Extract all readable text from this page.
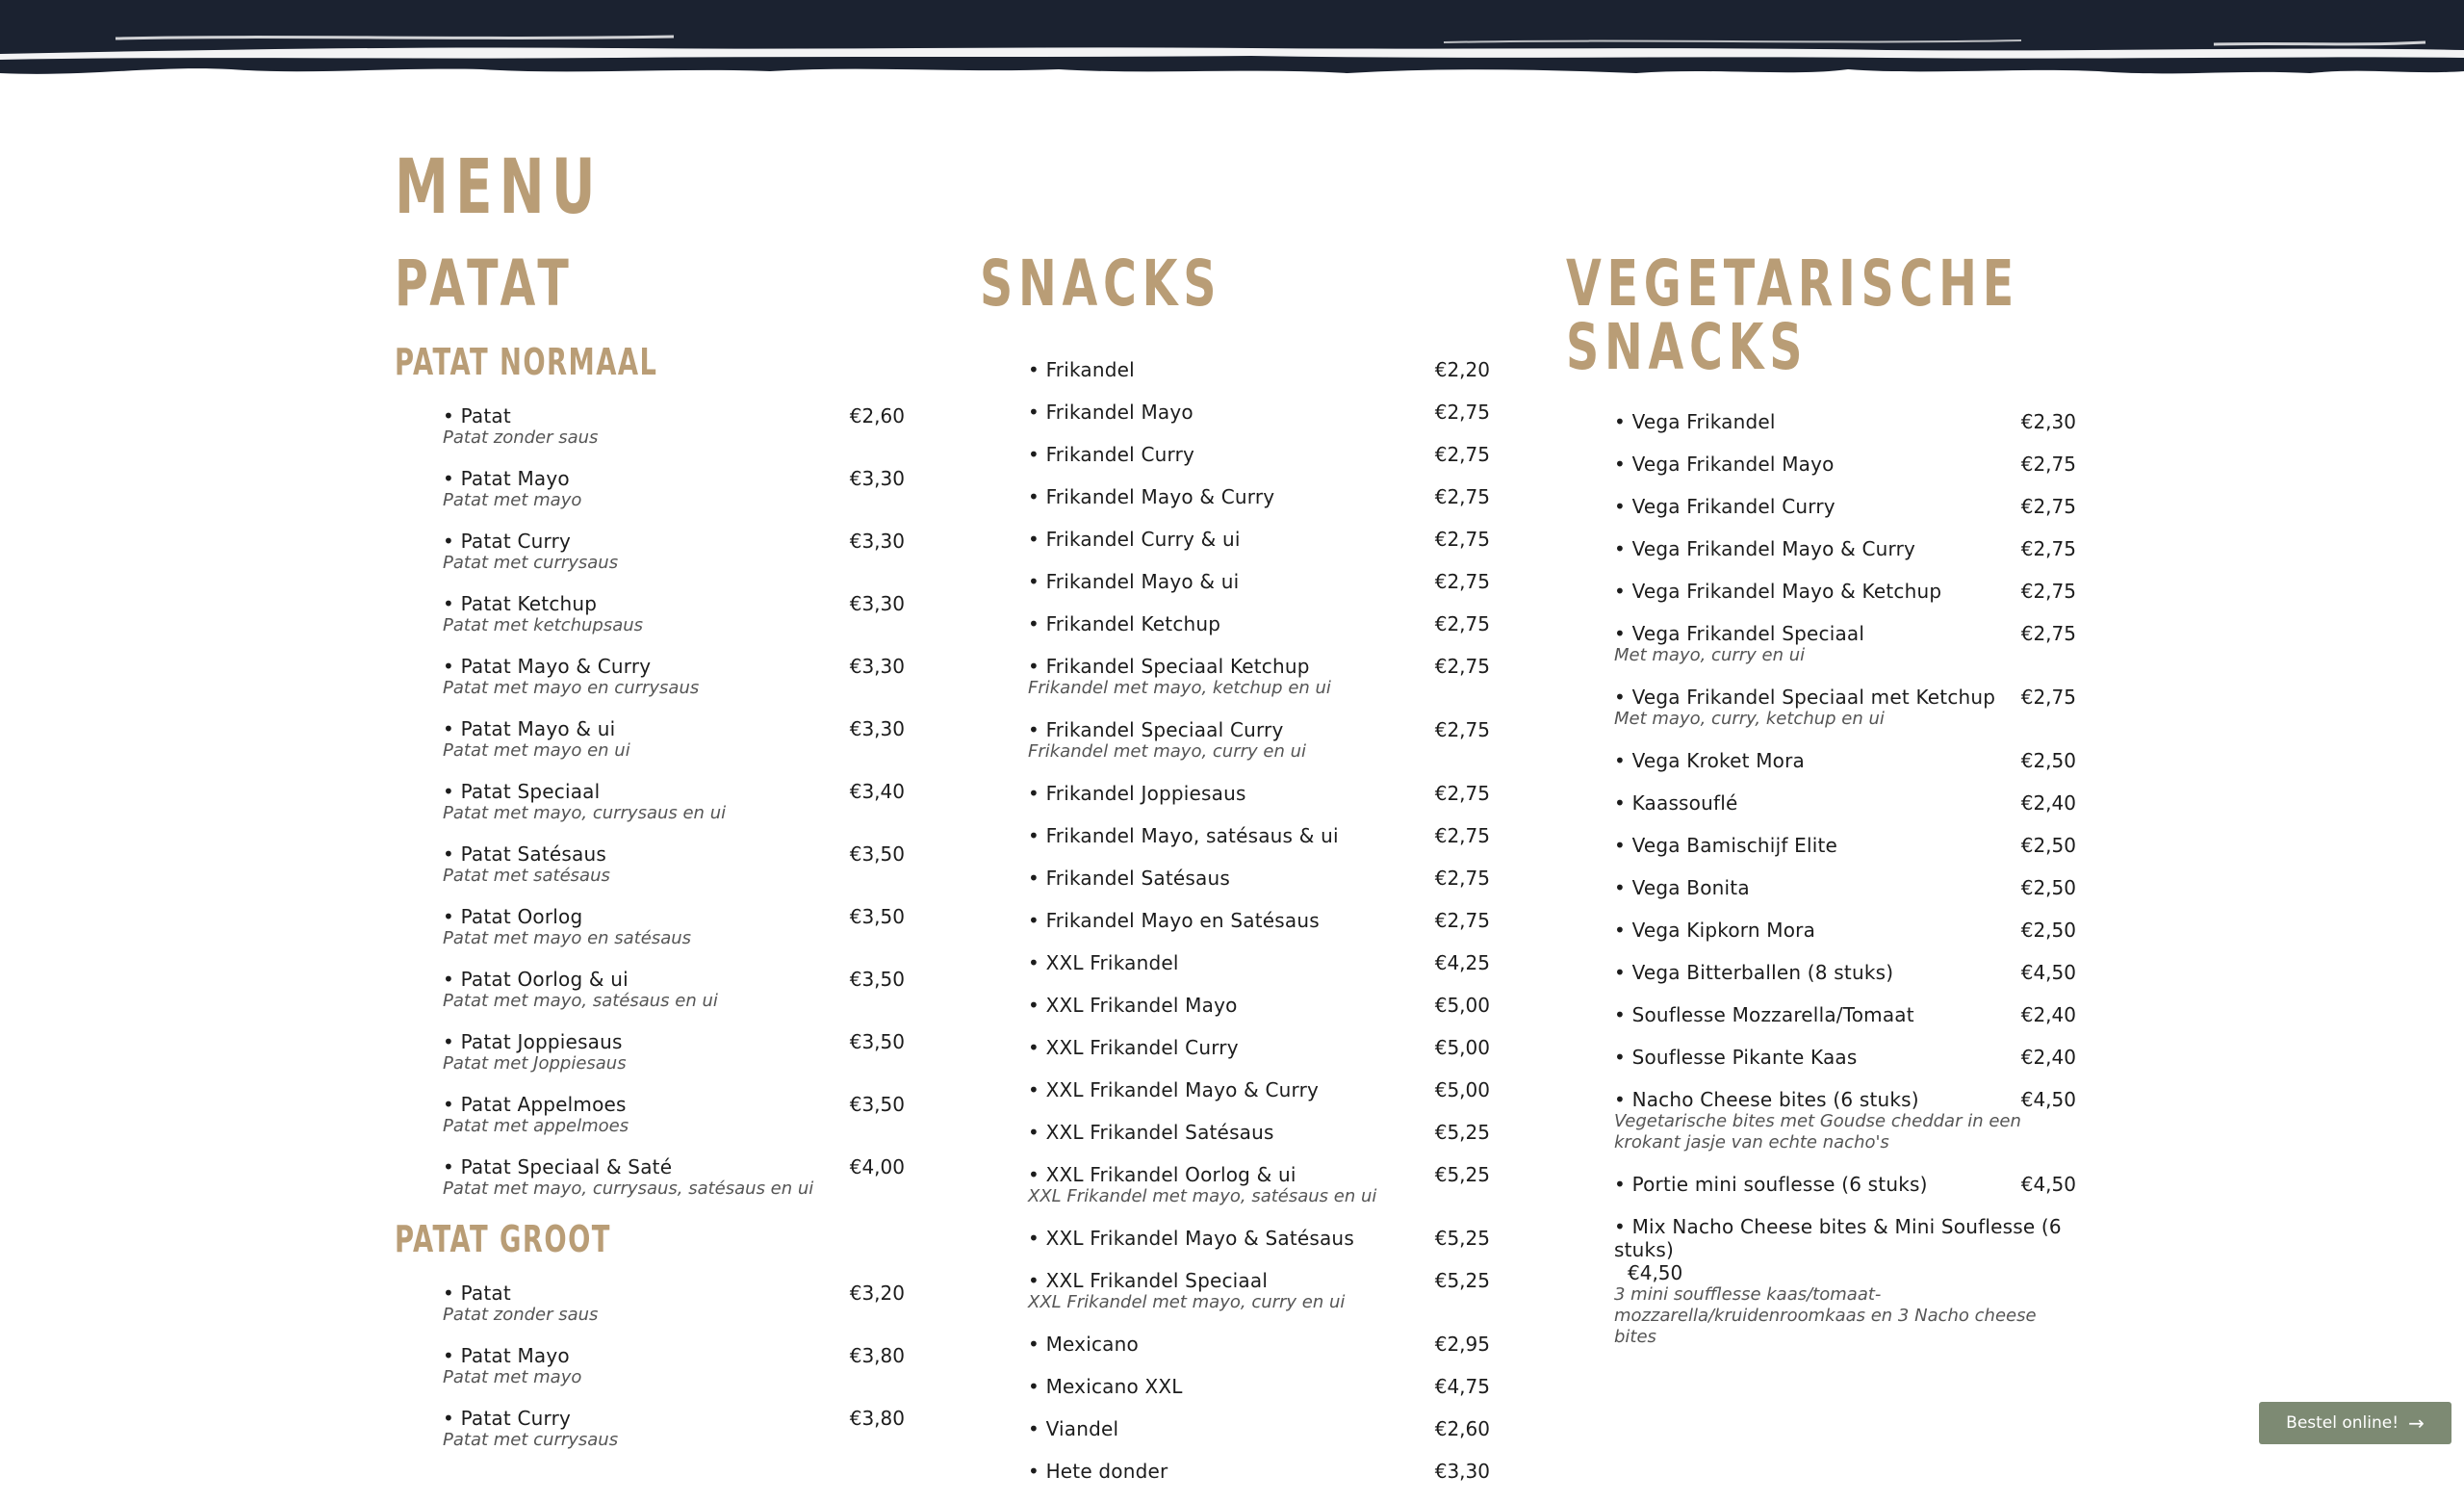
MENU
PATAT
PATAT NORMAAL
• Patat	€2,60
Patat zonder saus
• Patat Mayo	€3,30
Patat met mayo
• Patat Curry	€3,30
Patat met currysaus
• Patat Ketchup	€3,30
Patat met ketchupsaus
• Patat Mayo & Curry	€3,30
Patat met mayo en currysaus
• Patat Mayo & ui	€3,30
Patat met mayo en ui
• Patat Speciaal	€3,40
Patat met mayo, currysaus en ui
• Patat Satésaus	€3,50
Patat met satésaus
• Patat Oorlog	€3,50
Patat met mayo en satésaus
• Patat Oorlog & ui	€3,50
Patat met mayo, satésaus en ui
• Patat Joppiesaus	€3,50
Patat met Joppiesaus
• Patat Appelmoes	€3,50
Patat met appelmoes
• Patat Speciaal & Saté	€4,00
Patat met mayo, currysaus, satésaus en ui
PATAT GROOT
• Patat	€3,20
Patat zonder saus
• Patat Mayo	€3,80
Patat met mayo
• Patat Curry	€3,80
Patat met currysaus
SNACKS
• Frikandel	€2,20
• Frikandel Mayo	€2,75
• Frikandel Curry	€2,75
• Frikandel Mayo & Curry	€2,75
• Frikandel Curry & ui	€2,75
• Frikandel Mayo & ui	€2,75
• Frikandel Ketchup	€2,75
• Frikandel Speciaal Ketchup	€2,75
Frikandel met mayo, ketchup en ui
• Frikandel Speciaal Curry	€2,75
Frikandel met mayo, curry en ui
• Frikandel Joppiesaus	€2,75
• Frikandel Mayo, satésaus & ui	€2,75
• Frikandel Satésaus	€2,75
• Frikandel Mayo en Satésaus	€2,75
• XXL Frikandel	€4,25
• XXL Frikandel Mayo	€5,00
• XXL Frikandel Curry	€5,00
• XXL Frikandel Mayo & Curry	€5,00
• XXL Frikandel Satésaus	€5,25
• XXL Frikandel Oorlog & ui	€5,25
XXL Frikandel met mayo, satésaus en ui
• XXL Frikandel Mayo & Satésaus	€5,25
• XXL Frikandel Speciaal	€5,25
XXL Frikandel met mayo, curry en ui
• Mexicano	€2,95
• Mexicano XXL	€4,75
• Viandel	€2,60
• Hete donder	€3,30
VEGETARISCHE SNACKS
• Vega Frikandel	€2,30
• Vega Frikandel Mayo	€2,75
• Vega Frikandel Curry	€2,75
• Vega Frikandel Mayo & Curry	€2,75
• Vega Frikandel Mayo & Ketchup	€2,75
• Vega Frikandel Speciaal	€2,75
Met mayo, curry en ui
• Vega Frikandel Speciaal met Ketchup €2,75
Met mayo, curry, ketchup en ui
• Vega Kroket Mora	€2,50
• Kaassouflé	€2,40
• Vega Bamischijf Elite	€2,50
• Vega Bonita	€2,50
• Vega Kipkorn Mora	€2,50
• Vega Bitterballen (8 stuks)	€4,50
• Souflesse Mozzarella/Tomaat	€2,40
• Souflesse Pikante Kaas	€2,40
• Nacho Cheese bites (6 stuks)	€4,50
Vegetarische bites met Goudse cheddar in een krokant jasje van echte nacho's
• Portie mini souflesse (6 stuks)	€4,50
• Mix Nacho Cheese bites & Mini Souflesse (6 stuks)
€4,50
3 mini soufflesse kaas/tomaat-mozzarella/kruidenroomkaas en 3 Nacho cheese bites
Bestel online! →
